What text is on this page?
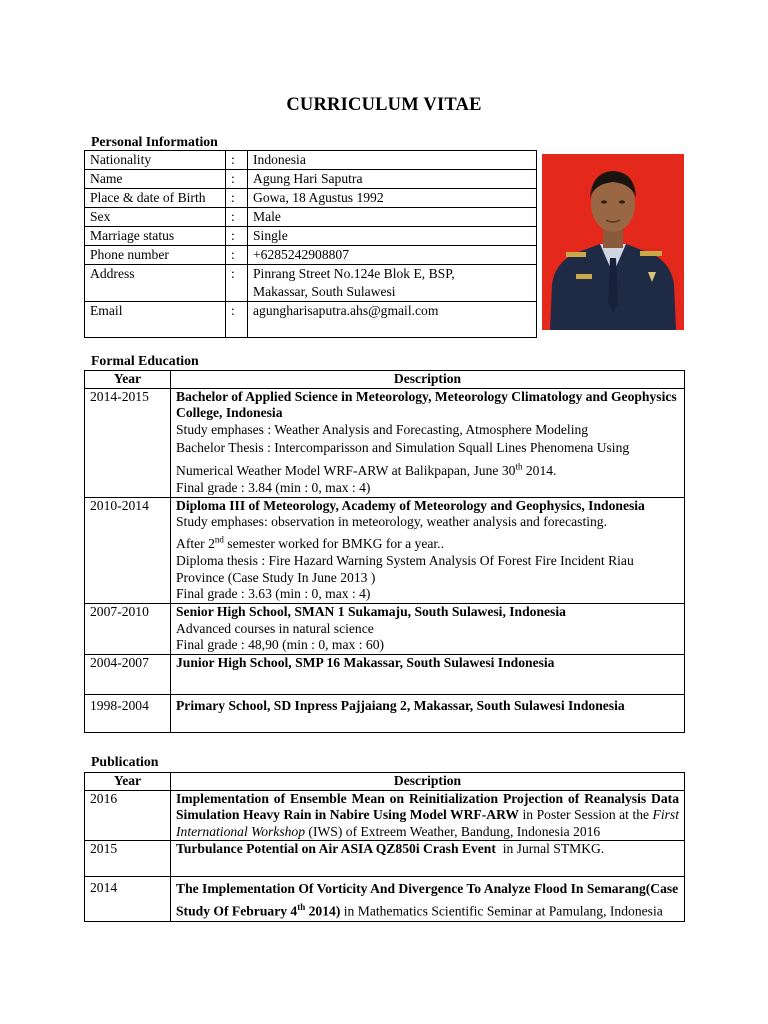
CURRICULUM VITAE
Personal Information
Nationality	:	Indonesia
Name	:	Agung Hari Saputra
Place & date of Birth	:	Gowa, 18 Agustus 1992
Sex	:	Male
Marriage status	:	Single
Phone number	:	+6285242908807
Address	:	Pinrang Street No.124e Blok E, BSP,
Makassar, South Sulawesi

Email	:	agungharisaputra.ahs@gmail.com
Formal Education
Year	Description
2014-2015	Bachelor of Applied Science in Meteorology, Meteorology Climatology and Geophysics College, Indonesia
Study emphases : Weather Analysis and Forecasting, Atmosphere Modeling
Bachelor Thesis : Intercomparisson and Simulation Squall Lines Phenomena Using Numerical Weather Model WRF-ARW at Balikpapan, June 30th 2014.
Final grade : 3.84 (min : 0, max : 4)
2010-2014	Diploma III of Meteorology, Academy of Meteorology and Geophysics, Indonesia
Study emphases: observation in meteorology, weather analysis and forecasting.
After 2nd semester worked for BMKG for a year..
Diploma thesis : Fire Hazard Warning System Analysis Of Forest Fire Incident Riau Province (Case Study In June 2013 )
Final grade : 3.63 (min : 0, max : 4)
2007-2010	Senior High School, SMAN 1 Sukamaju, South Sulawesi, Indonesia
Advanced courses in natural science
Final grade : 48,90 (min : 0, max : 60)
2004-2007	Junior High School, SMP 16 Makassar, South Sulawesi Indonesia
1998-2004	Primary School, SD Inpress Pajjaiang 2, Makassar, South Sulawesi Indonesia
Publication
Year	Description
2016	Implementation of Ensemble Mean on Reinitialization Projection of Reanalysis Data Simulation Heavy Rain in Nabire Using Model WRF-ARW in Poster Session at the First International Workshop (IWS) of Extreem Weather, Bandung, Indonesia 2016
2015	Turbulance Potential on Air ASIA QZ850i Crash Event  in Jurnal STMKG.
2014	The Implementation Of Vorticity And Divergence To Analyze Flood In Semarang(Case Study Of February 4th 2014) in Mathematics Scientific Seminar at Pamulang, Indonesia
